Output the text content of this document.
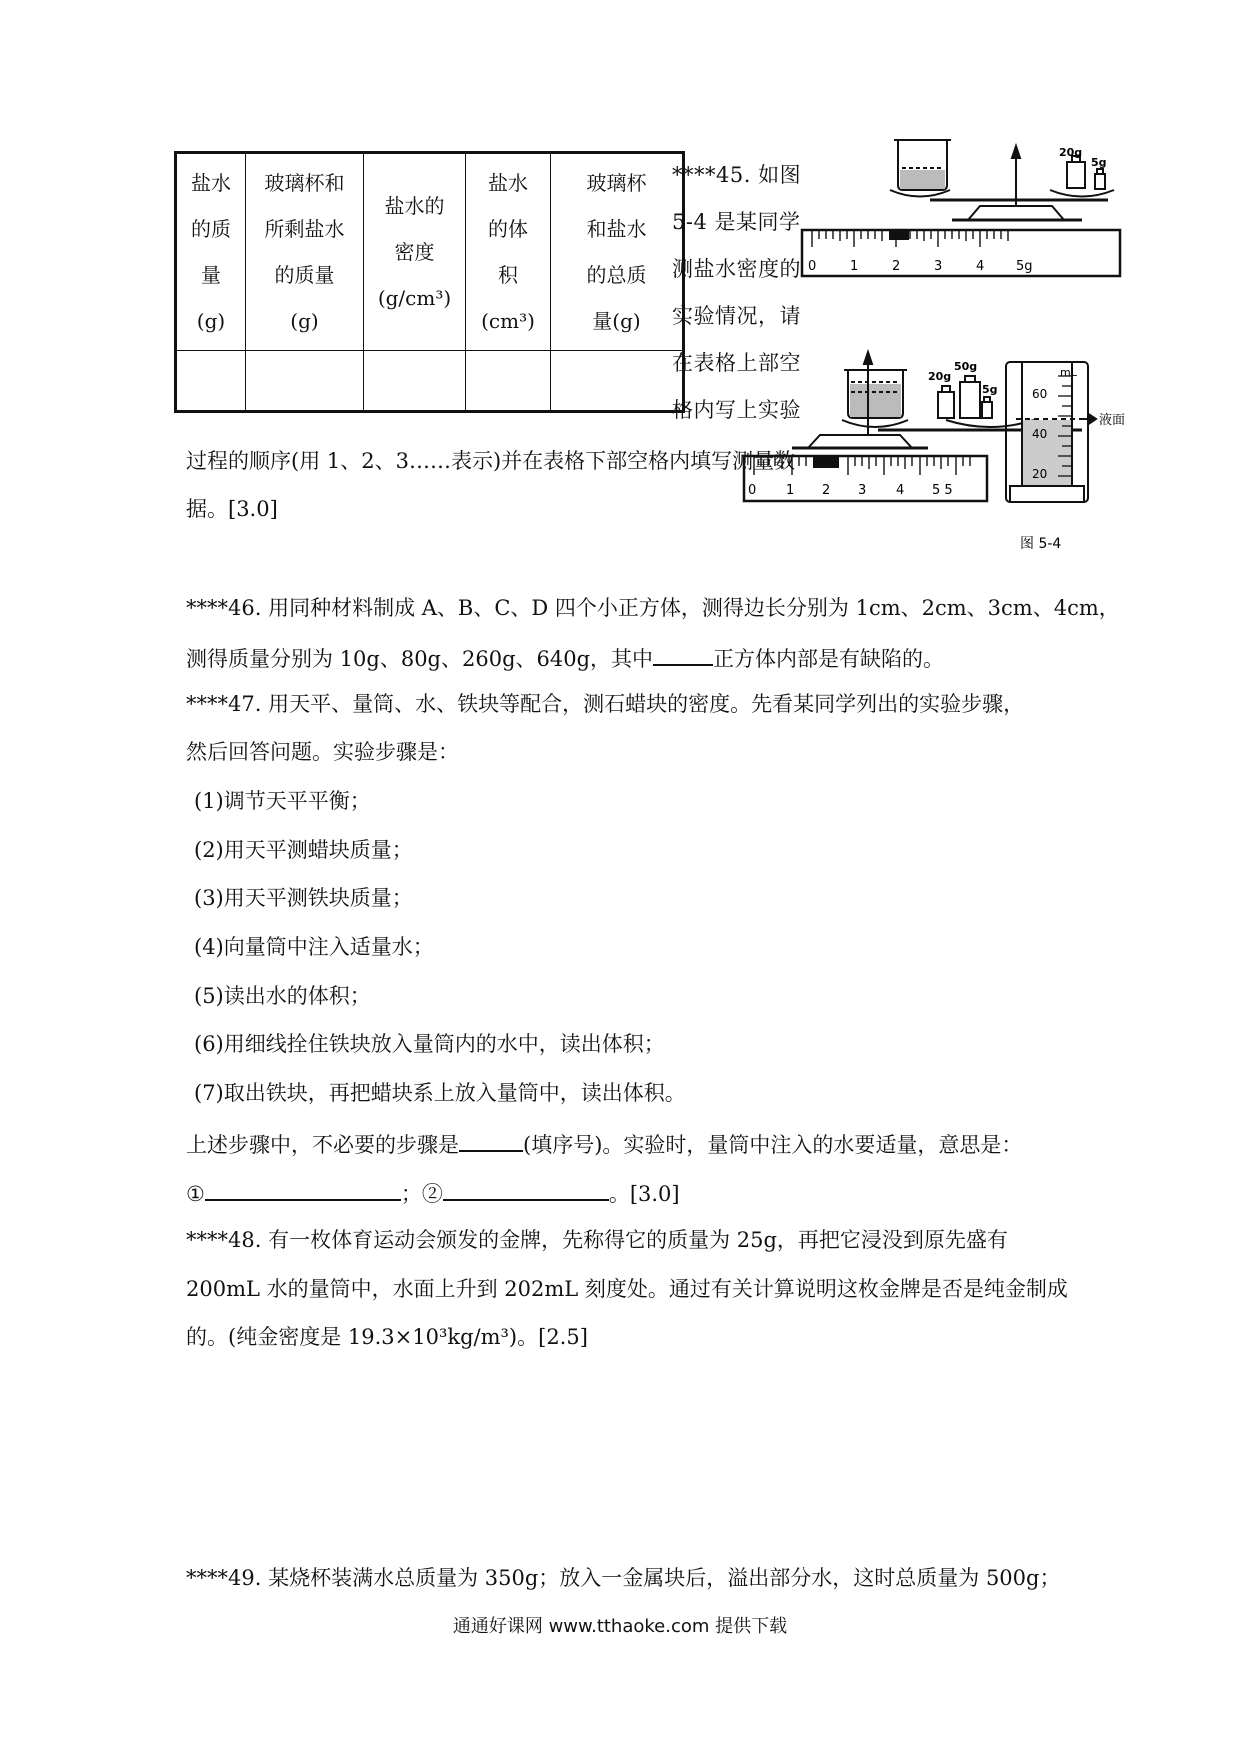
盐水
的质
量
(g)	玻璃杯和
所剩盐水
的质量
(g)	盐水的
密度
(g/cm³)	盐水
的体
积
(cm³)	玻璃杯
和盐水
的总质
量(g)

****45. 如图
5-4 是某同学
测盐水密度的
实验情况，请
在表格上部空
格内写上实验
过程的顺序(用 1、2、3……表示)并在表格下部空格内填写测量数
据。[3.0]
0	1	2	3	4 5g
20g
5g
0 1 2 3 4 5 5
20g
50g
5g
mL
60
40
20
液面
图 5-4
****46. 用同种材料制成 A、B、C、D 四个小正方体，测得边长分别为 1cm、2cm、3cm、4cm，
测得质量分别为 10g、80g、260g、640g，其中	正方体内部是有缺陷的。
****47. 用天平、量筒、水、铁块等配合，测石蜡块的密度。先看某同学列出的实验步骤，
然后回答问题。实验步骤是：
(1)调节天平平衡；
(2)用天平测蜡块质量；
(3)用天平测铁块质量；
(4)向量筒中注入适量水；
(5)读出水的体积；
(6)用细线拴住铁块放入量筒内的水中，读出体积；
(7)取出铁块，再把蜡块系上放入量筒中，读出体积。
上述步骤中，不必要的步骤是	(填序号)。实验时，量筒中注入的水要适量，意思是：
①	；②	。[3.0]
****48. 有一枚体育运动会颁发的金牌，先称得它的质量为 25g，再把它浸没到原先盛有
200mL 水的量筒中，水面上升到 202mL 刻度处。通过有关计算说明这枚金牌是否是纯金制成
的。(纯金密度是 19.3×10³kg/m³)。[2.5]
****49. 某烧杯装满水总质量为 350g；放入一金属块后，溢出部分水，这时总质量为 500g；
通通好课网 www.tthaoke.com 提供下载
